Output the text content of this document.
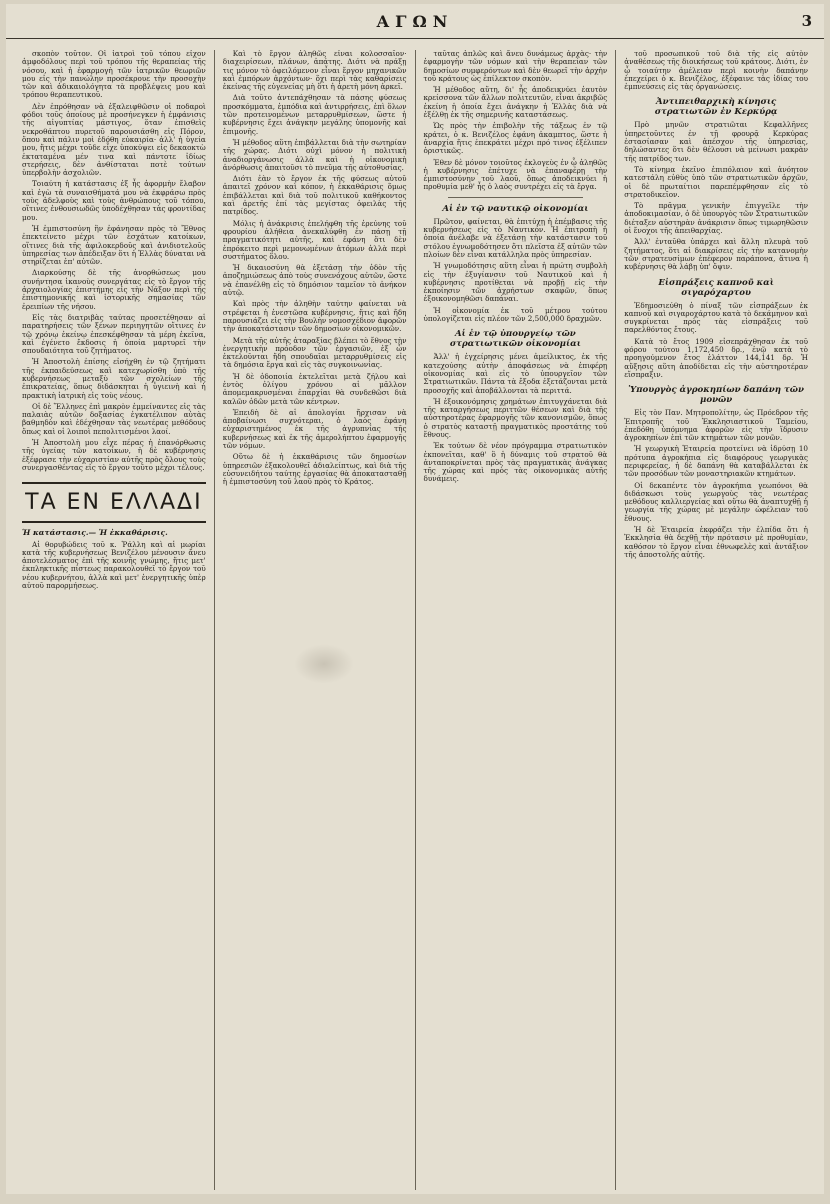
ΑΓΩΝ	3

σκοπὸν τοῦτον. Οἱ ἰατροὶ τοῦ τόπου εἶχον ἀμφοδόλους περὶ τοῦ τρόπου τῆς θεραπείας τῆς νόσου, καὶ ἡ ἐφαρμογὴ τῶν ἰατρικῶν θεωριῶν μου εἰς τὴν πανώλην προσέκρουε τὴν προσοχὴν τῶν καὶ ἀδικαιολόγητα τὰ προβλέψεις μου καὶ τρόπου θεραπευτικοῦ.

Δὲν ἐπρόθησαν νὰ ἐξαλειφθῶσιν οἱ ποδαροὶ φόδοι τοῦς ὁποίους μὲ προσήνεγκεν ἡ ἐμφάνισις τῆς αἰγυπτίας μάστιγος, ὅταν ἐπισθεὶς νεκροθάπτου πυρετοῦ παρουσιάσθη εἰς Πόρον, ὅπου καὶ πάλιν μοὶ ἐδόθη εὐκαιρία· ἀλλ' ἡ ὑγεία μου, ἥτις μέχρι τοῦδε εἶχε ὑποκύψει εἰς δεκαοκτὼ ἐκταταμένα μέν τινα καὶ πάντοτε ἰδίως στερήσεις, δὲν ἀνθίσταται ποτὲ τούτων ὑπερβολὴν ἀσχολιῶν.

Τοιαύτη ἡ κατάστασις ἐξ ἧς ἀφορμὴν ἔλαβον καὶ ἐγὼ τὰ συναισθήματά μου νὰ ἐκφράσω πρὸς τοὺς ἀδελφοὺς καὶ τοὺς ἀνθρώπους τοῦ τόπου, οἵτινες ἐνθουσιωδῶς ὑποδέχθησαν τὰς φροντίδας μου.

Ἡ ἐμπιστοσύνη ἣν ἐφάνησαν πρὸς τὸ Ἔθνος ἐπεκτείνετο μέχρι τῶν ἐσχάτων κατοίκων, οἵτινες διὰ τῆς ἀφιλοκερδοῦς καὶ ἀνιδιοτελοῦς ὑπηρεσίας των ἀπέδειξαν ὅτι ἡ Ἑλλὰς δύναται νὰ στηρίζεται ἐπ' αὐτῶν.

Διαρκούσης δὲ τῆς ἀνορθώσεως μου συνήντησα ἱκανοὺς συνεργάτας εἰς τὸ ἔργον τῆς ἀρχαιολογίας ἐπιστήμης εἰς τὴν Νάξον περὶ τῆς ἐπιστημονικῆς καὶ ἱστορικῆς σημασίας τῶν ἐρειπίων τῆς νήσου.

Εἰς τὰς διατριβὰς ταύτας προσετέθησαν αἱ παρατηρήσεις τῶν ξένων περιηγητῶν οἵτινες ἐν τῷ χρόνῳ ἐκείνῳ ἐπεσκέφθησαν τὰ μέρη ἐκεῖνα, καὶ ἐγένετο ἔκδοσις ἡ ὁποία μαρτυρεῖ τὴν σπουδαιότητα τοῦ ζητήματος.

Ἡ Ἀποστολὴ ἐπίσης εἰσήχθη ἐν τῷ ζητήματι τῆς ἐκπαιδεύσεως καὶ κατεχωρίσθη ὑπὸ τῆς κυβερνήσεως μεταξὺ τῶν σχολείων τῆς ἐπικρατείας, ὅπως διδάσκηται ἡ ὑγιεινὴ καὶ ἡ πρακτικὴ ἰατρικὴ εἰς τοὺς νέους.

Οἱ δὲ Ἕλληνες ἐπὶ μακρὸν ἐμμείναντες εἰς τὰς παλαιὰς αὐτῶν δοξασίας ἐγκατέλιπον αὐτὰς βαθμηδὸν καὶ ἐδέχθησαν τὰς νεωτέρας μεθόδους ὅπως καὶ οἱ λοιποὶ πεπολιτισμένοι λαοί.

Ἡ Ἀποστολὴ μου εἶχε πέρας ἡ ἐπανόρθωσις τῆς ὑγείας τῶν κατοίκων, ἡ δὲ κυβέρνησις ἐξέφρασε τὴν εὐχαριστίαν αὐτῆς πρὸς ὅλους τοὺς συνεργασθέντας εἰς τὸ ἔργον τοῦτο μέχρι τέλους.

ΤΑ ΕΝ ΕΛΛΑΔΙ
Ἡ κατάστασις.— Ἡ ἐκκαθάρισις.

Αἱ θορυβώδεις τοῦ κ. Ῥάλλη καὶ αἱ μωρίαι κατὰ τῆς κυβερνήσεως Βενιζέλου μένουσιν ἄνευ ἀποτελέσματος ἐπὶ τῆς κοινῆς γνώμης, ἥτις μετ' ἐκπληκτικῆς πίστεως παρακολουθεῖ τὸ ἔργον τοῦ νέου κυβερνήτου, ἀλλὰ καὶ μετ' ἐνεργητικῆς ὑπὲρ αὐτοῦ παρορμήσεως.

Καὶ τὸ ἔργον ἀληθῶς εἶναι κολοσσαῖον· διαχειρίσεων, πλάνων, ἀπάτης. Διότι νὰ πράξῃ τις μόνον τὸ ὀφειλόμενον εἶναι ἔργον μηχανικῶν καὶ ἐμπόρων ἀρχόντων· ὅχι περὶ τὰς καθαρίσεις ἐκείνας τῆς εὐγενείας μὴ ὅτι ἡ ἀρετὴ μόνη ἀρκεῖ.

Διὰ τοῦτο ἀντεπάχθησαν τὰ πάσης φύσεως προσκόμματα, ἐμπόδια καὶ ἀντιρρήσεις, ἐπὶ ὅλων τῶν προτεινομένων μεταρρυθμίσεων, ὥστε ἡ κυβέρνησις ἔχει ἀνάγκην μεγάλης ὑπομονῆς καὶ ἐπιμονῆς.

Ἡ μέθοδος αὕτη ἐπιβάλλεται διὰ τὴν σωτηρίαν τῆς χώρας. Διότι οὐχὶ μόνον ἡ πολιτικὴ ἀναδιοργάνωσις ἀλλὰ καὶ ἡ οἰκονομικὴ ἀνόρθωσις ἀπαιτοῦσι τὸ πνεῦμα τῆς αὐτοθυσίας.

Διότι ἐὰν τὸ ἔργον ἐκ τῆς φύσεως αὐτοῦ ἀπαιτεῖ χρόνον καὶ κόπον, ἡ ἐκκαθάρισις ὅμως ἐπιβάλλεται καὶ διὰ τοῦ πολιτικοῦ καθήκοντος καὶ ἀρετῆς ἐπί τὰς μεγίστας ὀφειλὰς τῆς πατρίδος.

Μόλις ἡ ἀνάκρισις ἐπελήφθη τῆς ἐρεύνης τοῦ φρουρίου ἀλήθεια ἀνεκαλύφθη ἐν πάσῃ τῇ πραγματικότητι αὐτῆς, καὶ ἐφάνη ὅτι δὲν ἐπρόκειτο περὶ μεμονωμένων ἀτόμων ἀλλὰ περὶ συστήματος ὅλου.

Ἡ δικαιοσύνη θὰ ἐξετάσῃ τὴν ὁδὸν τῆς ἀποζημιώσεως ἀπὸ τοὺς συνενόχους αὐτῶν, ὥστε νὰ ἐπανέλθῃ εἰς τὸ δημόσιον ταμεῖον τὸ ἀνήκον αὐτῷ.

Καὶ πρὸς τὴν ἀληθὴν ταύτην φαίνεται νὰ στρέφεται ἡ ἐνεστῶσα κυβέρνησις, ἥτις καὶ ἤδη παρουσιάζει εἰς τὴν Βουλὴν νομοσχέδιον ἀφορῶν τὴν ἀποκατάστασιν τῶν δημοσίων οἰκονομικῶν.

Μετὰ τῆς αὐτῆς ἀταραξίας βλέπει τὸ ἔθνος τὴν ἐνεργητικὴν πρόοδον τῶν ἐργασιῶν, ἐξ ὧν ἐκτελοῦνται ἤδη σπουδαῖαι μεταρρυθμίσεις εἰς τὰ δημόσια ἔργα καὶ εἰς τὰς συγκοινωνίας.

Ἡ δὲ ὁδοποιία ἐκτελεῖται μετὰ ζήλου καὶ ἐντὸς ὀλίγου χρόνου αἱ μᾶλλον ἀπομεμακρυσμέναι ἐπαρχίαι θὰ συνδεθῶσι διὰ καλῶν ὁδῶν μετὰ τῶν κέντρων.

Ἐπειδὴ δὲ αἱ ἀπολογίαι ἤρχισαν νὰ ἀποβαίνωσι συχνότεραι, ὁ λαὸς ἐφάνη εὐχαριστημένος ἐκ τῆς ἀγρυπνίας τῆς κυβερνήσεως καὶ ἐκ τῆς ἀμερολήπτου ἐφαρμογῆς τῶν νόμων.

Οὕτω δὲ ἡ ἐκκαθάρισις τῶν δημοσίων ὑπηρεσιῶν ἐξακολουθεῖ ἀδιαλείπτως, καὶ διὰ τῆς εὐσυνειδήτου ταύτης ἐργασίας θὰ ἀποκατασταθῇ ἡ ἐμπιστοσύνη τοῦ λαοῦ πρὸς τὸ Κράτος.

ταῦτας ἁπλῶς καὶ ἄνευ δυνάμεως ἀρχὰς· τὴν ἐφαρμογὴν τῶν νόμων καὶ τὴν θεραπείαν τῶν δημοσίων συμφερόντων καὶ δὲν θεωρεῖ τὴν ἀρχὴν τοῦ κράτους ὡς ἐπίλεκτον σκοπὸν.

Ἡ μέθοδος αὕτη, δι' ἧς ἀποδεικνύει ἑαυτὸν κρείσσονα τῶν ἄλλων πολιτευτῶν, εἶναι ἀκριβῶς ἐκείνη ἡ ὁποία ἔχει ἀνάγκην ἡ Ἑλλὰς διὰ νὰ ἐξέλθῃ ἐκ τῆς σημερινῆς καταστάσεως.

Ὡς πρὸς τὴν ἐπιβολὴν τῆς τάξεως ἐν τῷ κράτει, ὁ κ. Βενιζέλος ἐφάνη ἀκαμπτος, ὥστε ἡ ἀναρχία ἥτις ἐπεκράτει μέχρι πρό τινος ἐξέλιπεν ὁριστικῶς.

Ἐθεν δὲ μόνον τοιοῦτος ἐκλογεὺς ἐν ᾧ ἀληθῶς ἡ κυβέρνησις ἐπέτυχε νὰ ἐπαναφέρῃ τὴν ἐμπιστοσύνην τοῦ λαοῦ, ὅπως ἀποδεικνύει ἡ προθυμία μεθ' ἧς ὁ λαὸς συντρέχει εἰς τὰ ἔργα.

Αἱ ἐν τῷ ναυτικῷ οἰκονομίαι

Πρῶτον, φαίνεται, θὰ ἐπιτύχῃ ἡ ἐπέμβασις τῆς κυβερνήσεως εἰς τὸ Ναυτικόν. Ἡ ἐπιτροπὴ ἡ ὁποία ἀνέλαβε νὰ ἐξετάσῃ τὴν κατάστασιν τοῦ στόλου ἐγνωμοδότησεν ὅτι πλεῖστα ἐξ αὐτῶν τῶν πλοίων δὲν εἶναι κατάλληλα πρὸς ὑπηρεσίαν.

Ἡ γνωμοδότησις αὕτη εἶναι ἡ πρώτη συμβολὴ εἰς τὴν ἐξυγίανσιν τοῦ Ναυτικοῦ καὶ ἡ κυβέρνησις προτίθεται νὰ προβῇ εἰς τὴν ἐκποίησιν τῶν ἀχρήστων σκαφῶν, ὅπως ἐξοικονομηθῶσι δαπάναι.

Ἡ οἰκονομία ἐκ τοῦ μέτρου τούτου ὑπολογίζεται εἰς πλέον τῶν 2,500,000 δραχμῶν.

Αἱ ἐν τῷ ὑπουργείῳ τῶν στρατιωτικῶν οἰκονομίαι

Ἀλλ' ἡ ἐγχείρησις μένει ἀμείλικτος, ἐκ τῆς κατεχούσης αὐτὴν ἀποφάσεως νὰ ἐπιφέρῃ οἰκονομίας καὶ εἰς τὸ ὑπουργεῖον τῶν Στρατιωτικῶν. Πάντα τὰ ἔξοδα ἐξετάζονται μετὰ προσοχῆς καὶ ἀποβάλλονται τὰ περιττά.

Ἡ ἐξοικονόμησις χρημάτων ἐπιτυγχάνεται διὰ τῆς καταργήσεως περιττῶν θέσεων καὶ διὰ τῆς αὐστηροτέρας ἐφαρμογῆς τῶν κανονισμῶν, ὅπως ὁ στρατὸς καταστῇ πραγματικὸς προστάτης τοῦ ἔθνους.

Ἐκ τούτων δὲ νέον πρόγραμμα στρατιωτικὸν ἐκπονεῖται, καθ' ὃ ἡ δύναμις τοῦ στρατοῦ θὰ ἀνταποκρίνεται πρὸς τὰς πραγματικὰς ἀνάγκας τῆς χώρας καὶ πρὸς τὰς οἰκονομικὰς αὐτῆς δυνάμεις.

τοῦ προσωπικοῦ τοῦ διὰ τῆς εἰς αὐτὸν ἀναθέσεως τῆς διοικήσεως τοῦ κράτους. Διότι, ἐν ᾧ τοιαύτην ἀμέλειαν περὶ κοινὴν δαπάνην ἐπεχείρει ὁ κ. Βενιζέλος, ἐξέφαινε τὰς ἰδίας του ἐμπνεύσεις εἰς τὰς ὀργανώσεις.

Ἀντιπειθαρχικὴ κίνησις στρατιωτῶν ἐν Κερκύρᾳ

Πρὸ μηνῶν στρατιῶται Κεφαλλῆνες ὑπηρετοῦντες ἐν τῇ φρουρᾷ Κερκύρας ἐστασίασαν καὶ ἀπέσχον τῆς ὑπηρεσίας, δηλώσαντες ὅτι δὲν θέλουσι νὰ μείνωσι μακρὰν τῆς πατρίδος των.

Τὸ κίνημα ἐκεῖνο ἐπιπόλαιον καὶ ἀνόητον κατεστάλη εὐθὺς ὑπὸ τῶν στρατιωτικῶν ἀρχῶν, οἱ δὲ πρωταίτιοι παρεπέμφθησαν εἰς τὸ στρατοδικεῖον.

Τὸ πρᾶγμα γενικὴν ἐπιγγεῖλε τὴν ἀποδοκιμασίαν, ὁ δὲ ὑπουργὸς τῶν Στρατιωτικῶν διέταξεν αὐστηρὰν ἀνάκρισιν ὅπως τιμωρηθῶσιν οἱ ἔνοχοι τῆς ἀπειθαρχίας.

Ἀλλ' ἐνταῦθα ὑπάρχει καὶ ἄλλη πλευρὰ τοῦ ζητήματος, ὅτι αἱ διακρίσεις εἰς τὴν κατανομὴν τῶν στρατευσίμων ἐπέφερον παράπονα, ἅτινα ἡ κυβέρνησις θὰ λάβῃ ὑπ' ὄψιν.

Εἰσπράξεις καπνοῦ καὶ σιγαρόχαρτου

Ἐδημοσιεύθη ὁ πίναξ τῶν εἰσπράξεων ἐκ καπνοῦ καὶ σιγαροχάρτου κατὰ τὸ δεκάμηνον καὶ συγκρίνεται πρὸς τὰς εἰσπράξεις τοῦ παρελθόντος ἔτους.

Κατὰ τὸ ἔτος 1909 εἰσεπράχθησαν ἐκ τοῦ φόρου τούτου 1,172,450 δρ., ἐνῷ κατὰ τὸ προηγούμενον ἔτος ἐλάττον 144,141 δρ. Ἡ αὔξησις αὕτη ἀποδίδεται εἰς τὴν αὐστηροτέραν εἴσπραξιν.

Ὑπουργὸς ἀγροκηπίων δαπάνη τῶν μονῶν

Εἰς τὸν Παν. Μητροπολίτην, ὡς Πρόεδρον τῆς Ἐπιτροπῆς τοῦ Ἐκκλησιαστικοῦ Ταμείου, ἐπεδόθη ὑπόμνημα ἀφορῶν εἰς τὴν ἵδρυσιν ἀγροκηπίων ἐπὶ τῶν κτημάτων τῶν μονῶν.

Ἡ γεωργικὴ Ἑταιρεία προτείνει νὰ ἱδρύσῃ 10 πρότυπα ἀγροκήπια εἰς διαφόρους γεωργικὰς περιφερείας, ἡ δὲ δαπάνη θὰ καταβάλλεται ἐκ τῶν προσόδων τῶν μοναστηριακῶν κτημάτων.

Οἱ δεκαπέντε τὸν ἀγροκήπια γεωπόνοι θὰ διδάσκωσι τοὺς γεωργοὺς τὰς νεωτέρας μεθόδους καλλιεργείας καὶ οὕτω θὰ ἀναπτυχθῇ ἡ γεωργία τῆς χώρας μὲ μεγάλην ὠφέλειαν τοῦ ἔθνους.

Ἡ δὲ Ἑταιρεία ἐκφράζει τὴν ἐλπίδα ὅτι ἡ Ἐκκλησία θὰ δεχθῇ τὴν πρότασιν μὲ προθυμίαν, καθόσον τὸ ἔργον εἶναι ἐθνωφελὲς καὶ ἀντάξιον τῆς ἀποστολῆς αὐτῆς.
